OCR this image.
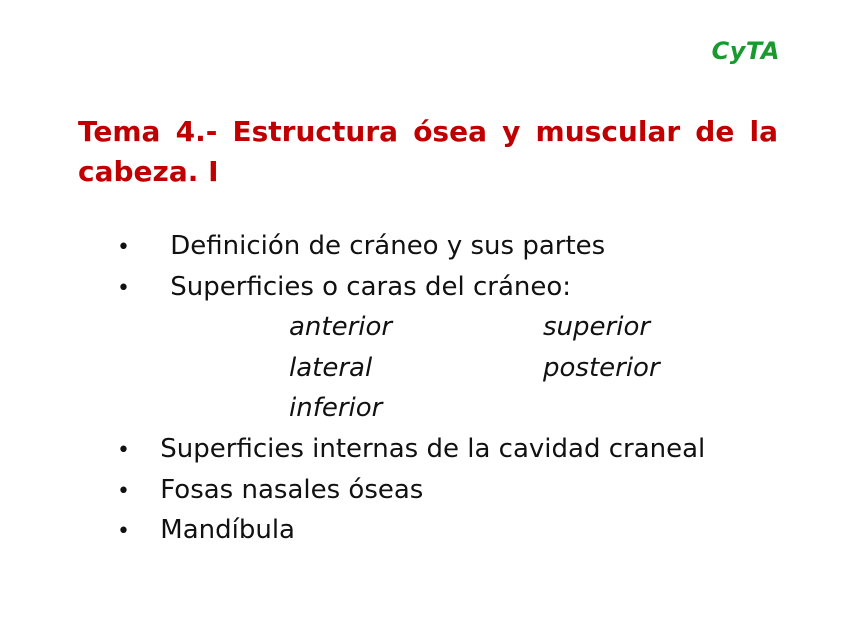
CyTA
Tema 4.- Estructura ósea y muscular de la cabeza. I
• Definición de cráneo y sus partes
• Superficies o caras del cráneo:
anterior	superior
lateral	posterior
inferior
• Superficies internas de la cavidad craneal
• Fosas nasales óseas
• Mandíbula
